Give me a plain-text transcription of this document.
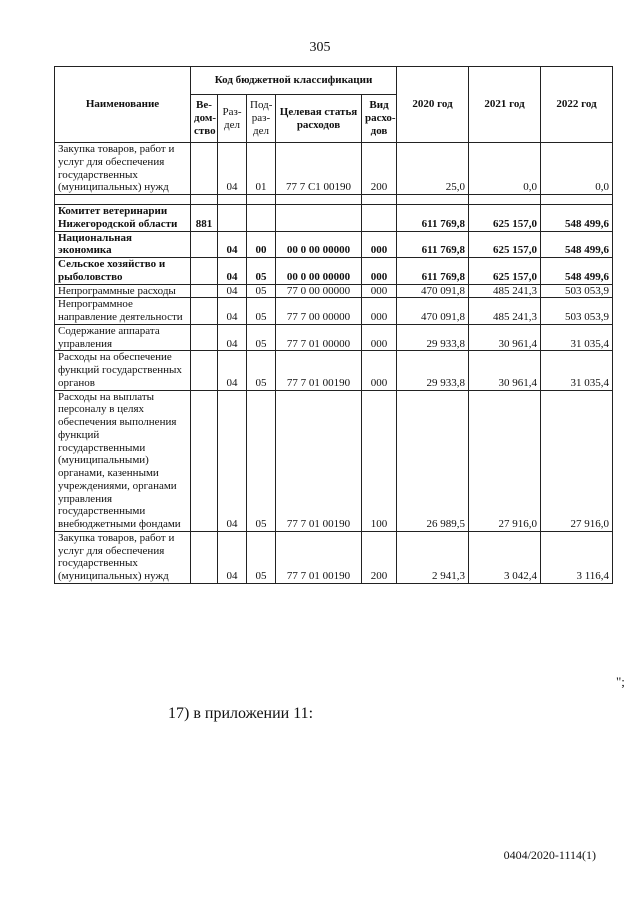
305
Наименование	Код бюджетной классификации					2020 год	2021 год	2022 год
	Ве-дом-ство	Раз-дел	Под-раз-дел	Целевая статья расходов	Вид расхо-дов			
Закупка товаров, работ и услуг для обеспечения государственных (муниципальных) нужд		04	01	77 7 С1 00190	200	25,0	0,0	0,0

Комитет ветеринарии Нижегородской области	881					611 769,8	625 157,0	548 499,6
Национальная экономика		04	00	00 0 00 00000	000	611 769,8	625 157,0	548 499,6
Сельское хозяйство и рыболовство		04	05	00 0 00 00000	000	611 769,8	625 157,0	548 499,6
Непрограммные расходы		04	05	77 0 00 00000	000	470 091,8	485 241,3	503 053,9
Непрограммное направление деятельности		04	05	77 7 00 00000	000	470 091,8	485 241,3	503 053,9
Содержание аппарата управления		04	05	77 7 01 00000	000	29 933,8	30 961,4	31 035,4
Расходы на обеспечение функций государственных органов		04	05	77 7 01 00190	000	29 933,8	30 961,4	31 035,4
Расходы на выплаты персоналу в целях обеспечения выполнения функций государственными (муниципальными) органами, казенными учреждениями, органами управления государственными внебюджетными фондами		04	05	77 7 01 00190	100	26 989,5	27 916,0	27 916,0
Закупка товаров, работ и услуг для обеспечения государственных (муниципальных) нужд		04	05	77 7 01 00190	200	2 941,3	3 042,4	3 116,4
";
17) в приложении 11:
0404/2020-1114(1)
